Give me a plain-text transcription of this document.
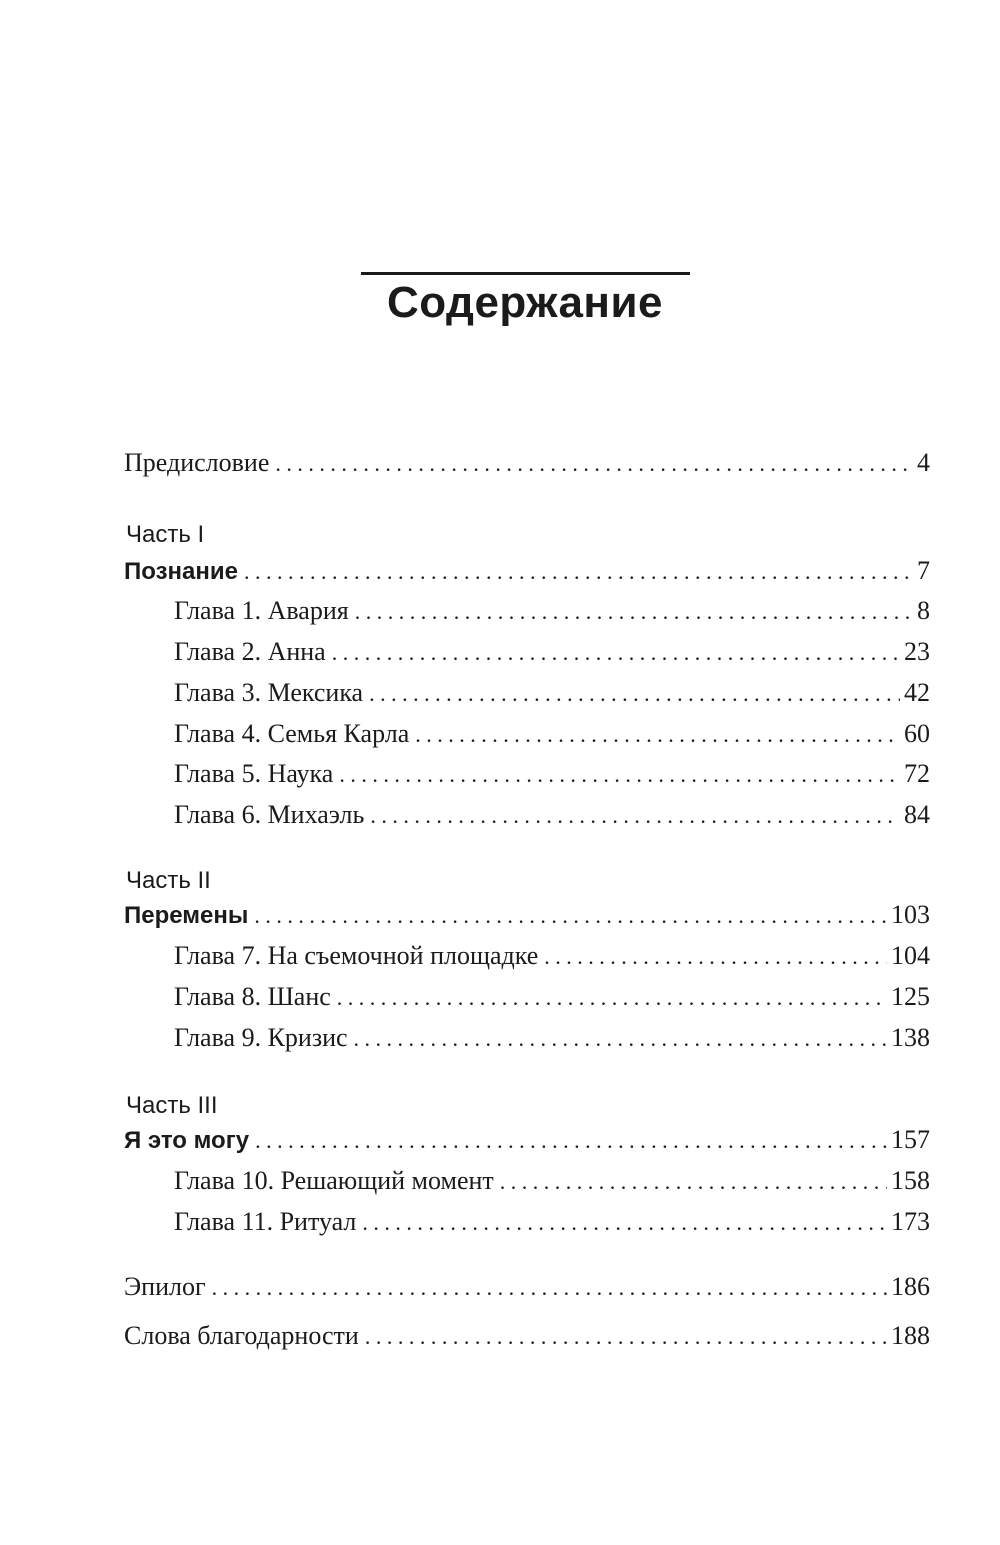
Содержание
Предисловие . . .	4
Часть I
Познание . . .	7
Глава 1. Авария . . .	8
Глава 2. Анна . . .	23
Глава 3. Мексика . . .	42
Глава 4. Семья Карла . . .	60
Глава 5. Наука . . .	72
Глава 6. Михаэль . . .	84
Часть II
Перемены . . .	103
Глава 7. На съемочной площадке . . .	104
Глава 8. Шанс . . .	125
Глава 9. Кризис . . .	138
Часть III
Я это могу . . .	157
Глава 10. Решающий момент . . .	158
Глава 11. Ритуал . . .	173
Эпилог . . .	186
Слова благодарности . . .	188
